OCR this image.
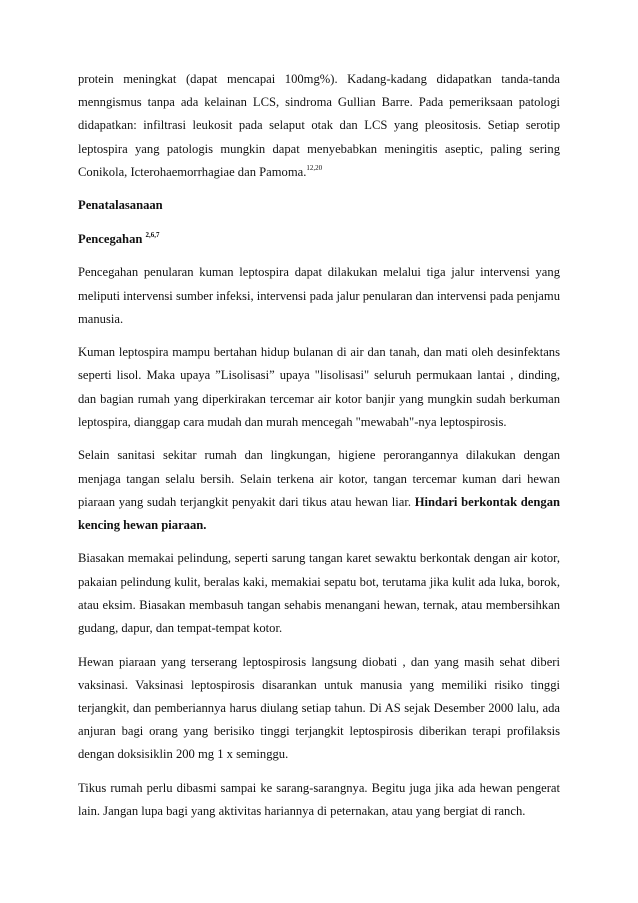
protein meningkat (dapat mencapai 100mg%). Kadang-kadang didapatkan tanda-tanda menngismus tanpa ada kelainan LCS, sindroma Gullian Barre. Pada pemeriksaan patologi didapatkan: infiltrasi leukosit pada selaput otak dan LCS yang pleositosis. Setiap serotip leptospira yang patologis mungkin dapat menyebabkan meningitis aseptic, paling sering Conikola, Icterohaemorrhagiae dan Pamoma.$^{12,20}$

Penatalasanaan
Pencegahan $^{2,6,7}$

Pencegahan penularan kuman leptospira dapat dilakukan melalui tiga jalur intervensi yang meliputi intervensi sumber infeksi, intervensi pada jalur penularan dan intervensi pada penjamu manusia.

Kuman leptospira mampu bertahan hidup bulanan di air dan tanah, dan mati oleh desinfektans seperti lisol. Maka upaya ”Lisolisasi” upaya "lisolisasi" seluruh permukaan lantai , dinding, dan bagian rumah yang diperkirakan tercemar air kotor banjir yang mungkin sudah berkuman leptospira, dianggap cara mudah dan murah mencegah "mewabah"-nya leptospirosis.

Selain sanitasi sekitar rumah dan lingkungan, higiene perorangannya dilakukan dengan menjaga tangan selalu bersih. Selain terkena air kotor, tangan tercemar kuman dari hewan piaraan yang sudah terjangkit penyakit dari tikus atau hewan liar. Hindari berkontak dengan kencing hewan piaraan.

Biasakan memakai pelindung, seperti sarung tangan karet sewaktu berkontak dengan air kotor, pakaian pelindung kulit, beralas kaki, memakiai sepatu bot, terutama jika kulit ada luka, borok, atau eksim. Biasakan membasuh tangan sehabis menangani hewan, ternak, atau membersihkan gudang, dapur, dan tempat-tempat kotor.

Hewan piaraan yang terserang leptospirosis langsung diobati , dan yang masih sehat diberi vaksinasi. Vaksinasi leptospirosis disarankan untuk manusia yang memiliki risiko tinggi terjangkit, dan pemberiannya harus diulang setiap tahun. Di AS sejak Desember 2000 lalu, ada anjuran bagi orang yang berisiko tinggi terjangkit leptospirosis diberikan terapi profilaksis dengan doksisiklin 200 mg 1 x seminggu.

Tikus rumah perlu dibasmi sampai ke sarang-sarangnya. Begitu juga jika ada hewan pengerat lain. Jangan lupa bagi yang aktivitas hariannya di peternakan, atau yang bergiat di ranch.
